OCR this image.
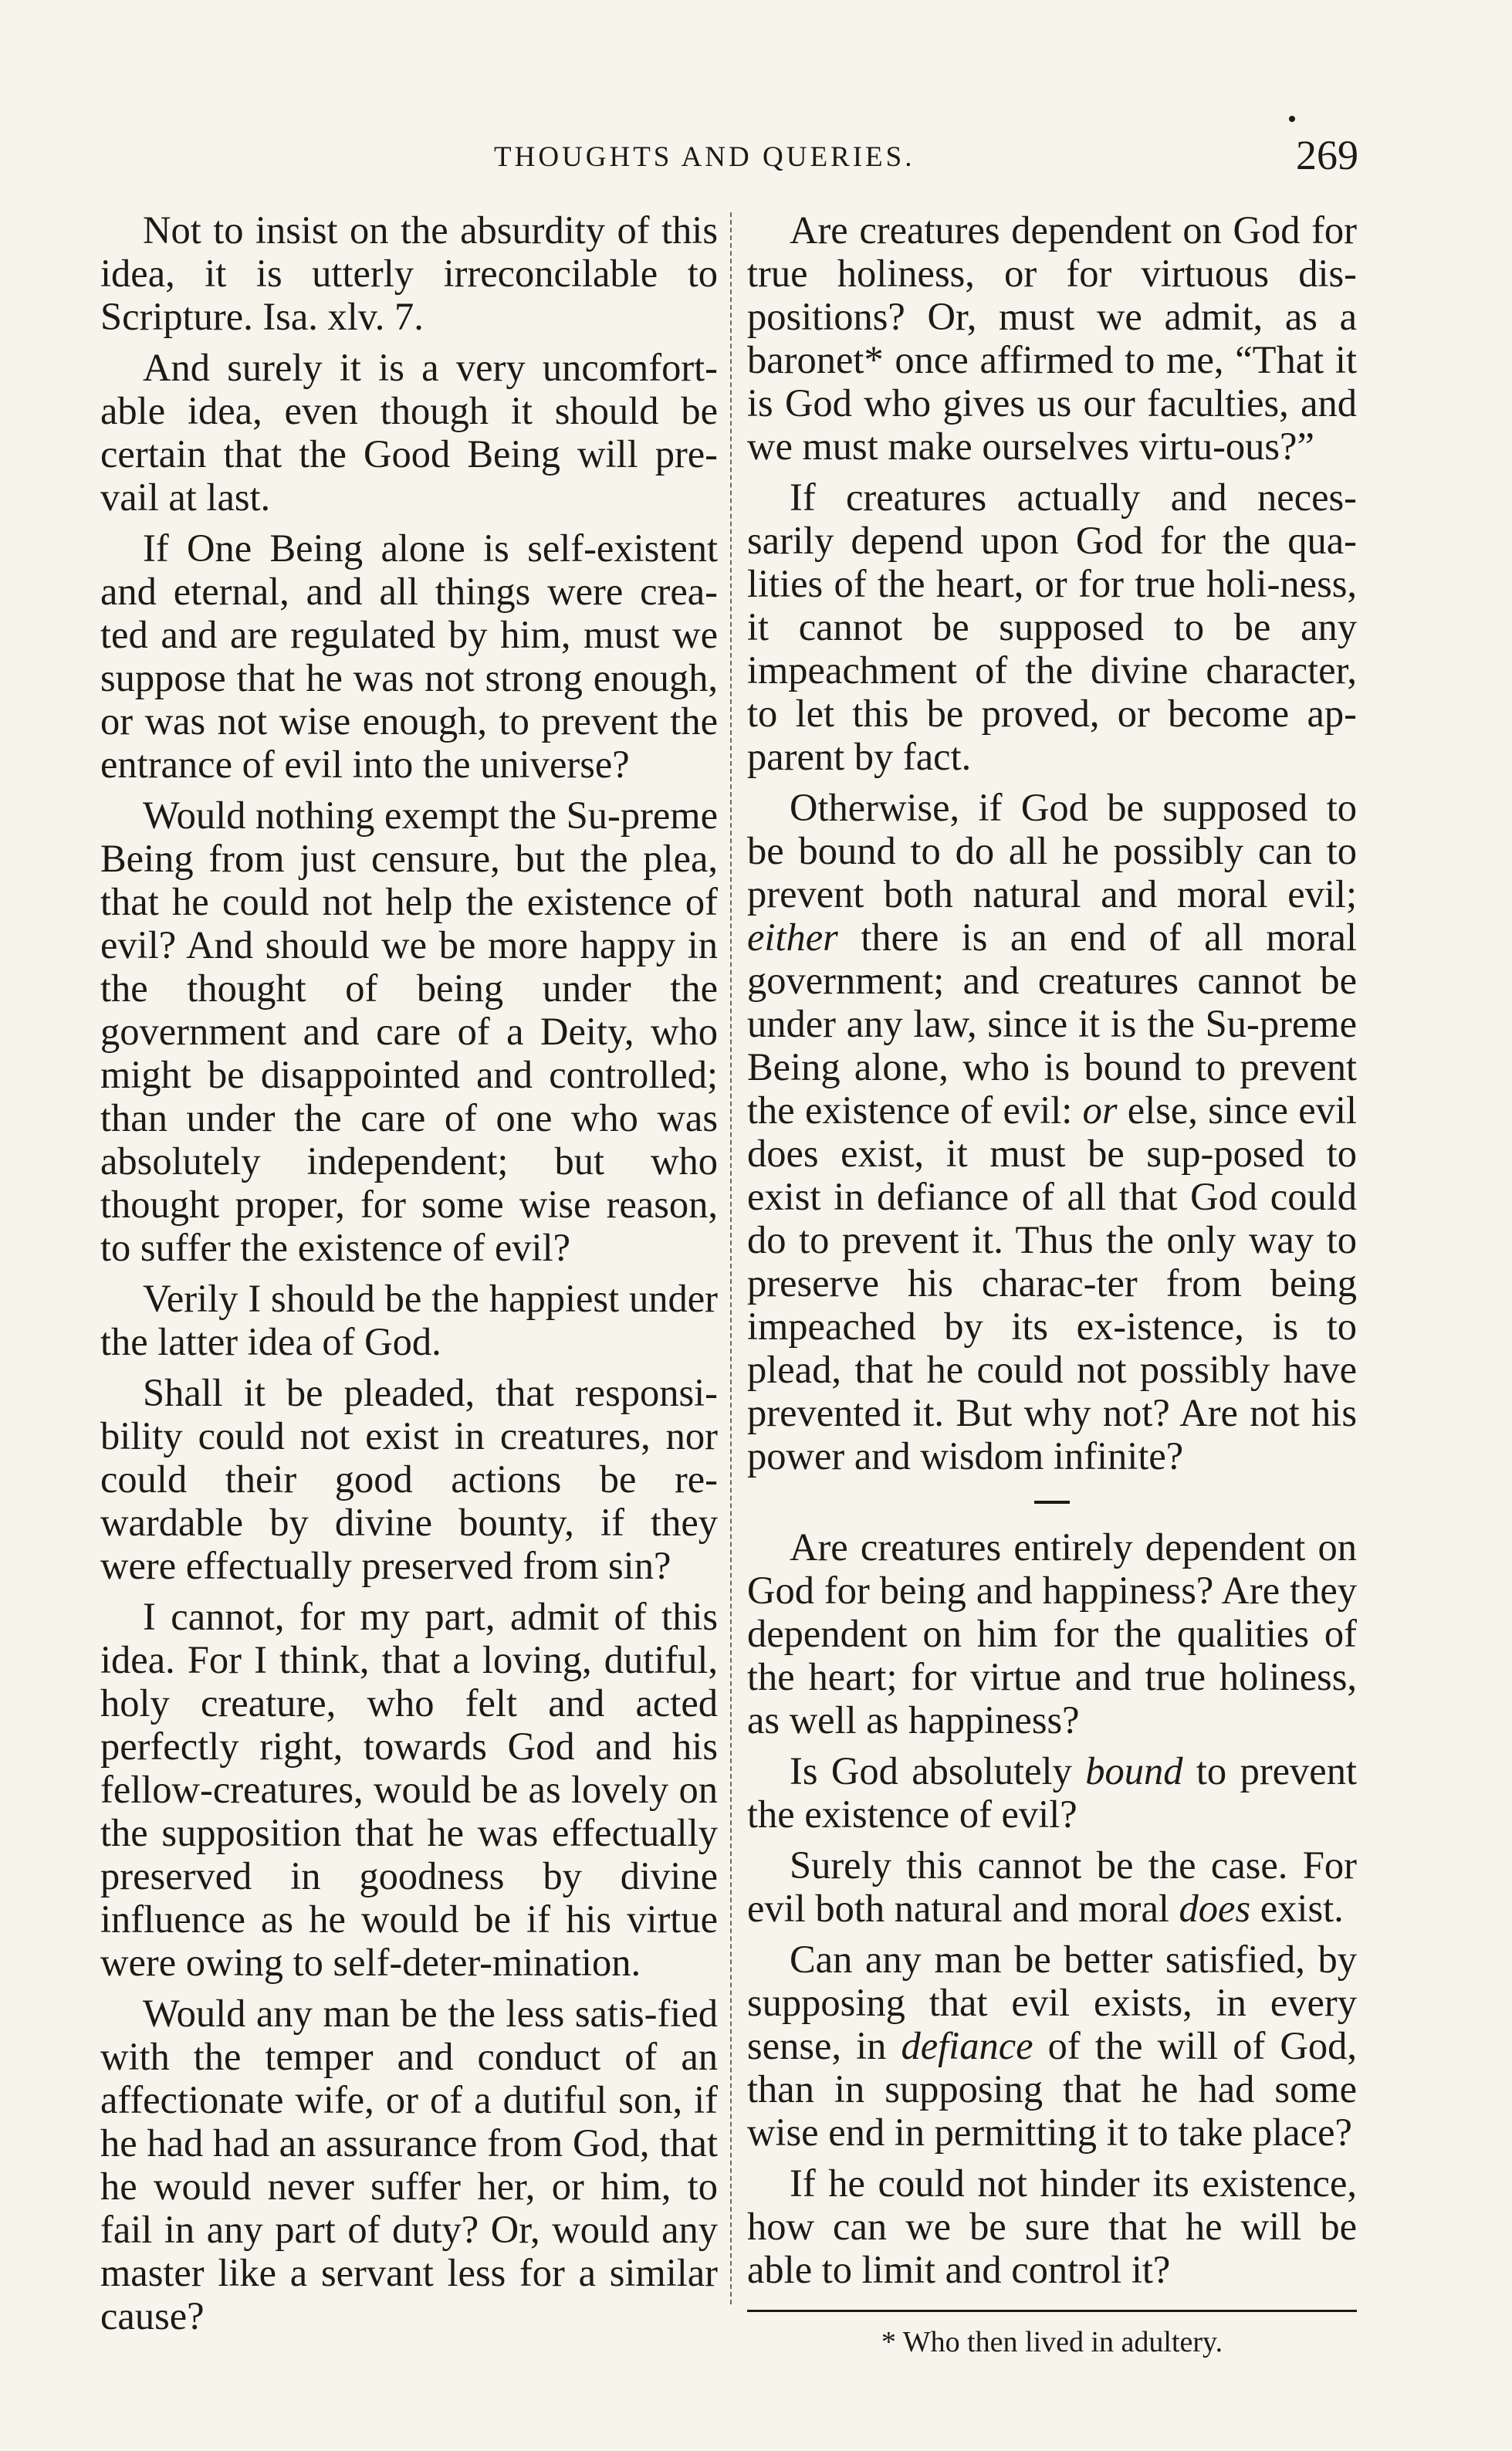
THOUGHTS AND QUERIES.	269

Not to insist on the absurdity of this idea, it is utterly irreconcilable to Scripture. Isa. xlv. 7.

And surely it is a very uncomfort-able idea, even though it should be certain that the Good Being will pre-vail at last.

If One Being alone is self-existent and eternal, and all things were crea-ted and are regulated by him, must we suppose that he was not strong enough, or was not wise enough, to prevent the entrance of evil into the universe?

Would nothing exempt the Su-preme Being from just censure, but the plea, that he could not help the existence of evil? And should we be more happy in the thought of being under the government and care of a Deity, who might be disappointed and controlled; than under the care of one who was absolutely independent; but who thought proper, for some wise reason, to suffer the existence of evil?

Verily I should be the happiest under the latter idea of God.

Shall it be pleaded, that responsi-bility could not exist in creatures, nor could their good actions be re-wardable by divine bounty, if they were effectually preserved from sin?

I cannot, for my part, admit of this idea. For I think, that a loving, dutiful, holy creature, who felt and acted perfectly right, towards God and his fellow-creatures, would be as lovely on the supposition that he was effectually preserved in goodness by divine influence as he would be if his virtue were owing to self-deter-mination.

Would any man be the less satis-fied with the temper and conduct of an affectionate wife, or of a dutiful son, if he had had an assurance from God, that he would never suffer her, or him, to fail in any part of duty? Or, would any master like a servant less for a similar cause?

Are creatures dependent on God for true holiness, or for virtuous dis-positions? Or, must we admit, as a baronet* once affirmed to me, “That it is God who gives us our faculties, and we must make ourselves virtu-ous?”

If creatures actually and neces-sarily depend upon God for the qua-lities of the heart, or for true holi-ness, it cannot be supposed to be any impeachment of the divine character, to let this be proved, or become ap-parent by fact.

Otherwise, if God be supposed to be bound to do all he possibly can to prevent both natural and moral evil; either there is an end of all moral government; and creatures cannot be under any law, since it is the Su-preme Being alone, who is bound to prevent the existence of evil: or else, since evil does exist, it must be sup-posed to exist in defiance of all that God could do to prevent it. Thus the only way to preserve his charac-ter from being impeached by its ex-istence, is to plead, that he could not possibly have prevented it. But why not? Are not his power and wisdom infinite?

Are creatures entirely dependent on God for being and happiness? Are they dependent on him for the qualities of the heart; for virtue and true holiness, as well as happiness?

Is God absolutely bound to prevent the existence of evil?

Surely this cannot be the case. For evil both natural and moral does exist.

Can any man be better satisfied, by supposing that evil exists, in every sense, in defiance of the will of God, than in supposing that he had some wise end in permitting it to take place?

If he could not hinder its existence, how can we be sure that he will be able to limit and control it?

* Who then lived in adultery.
